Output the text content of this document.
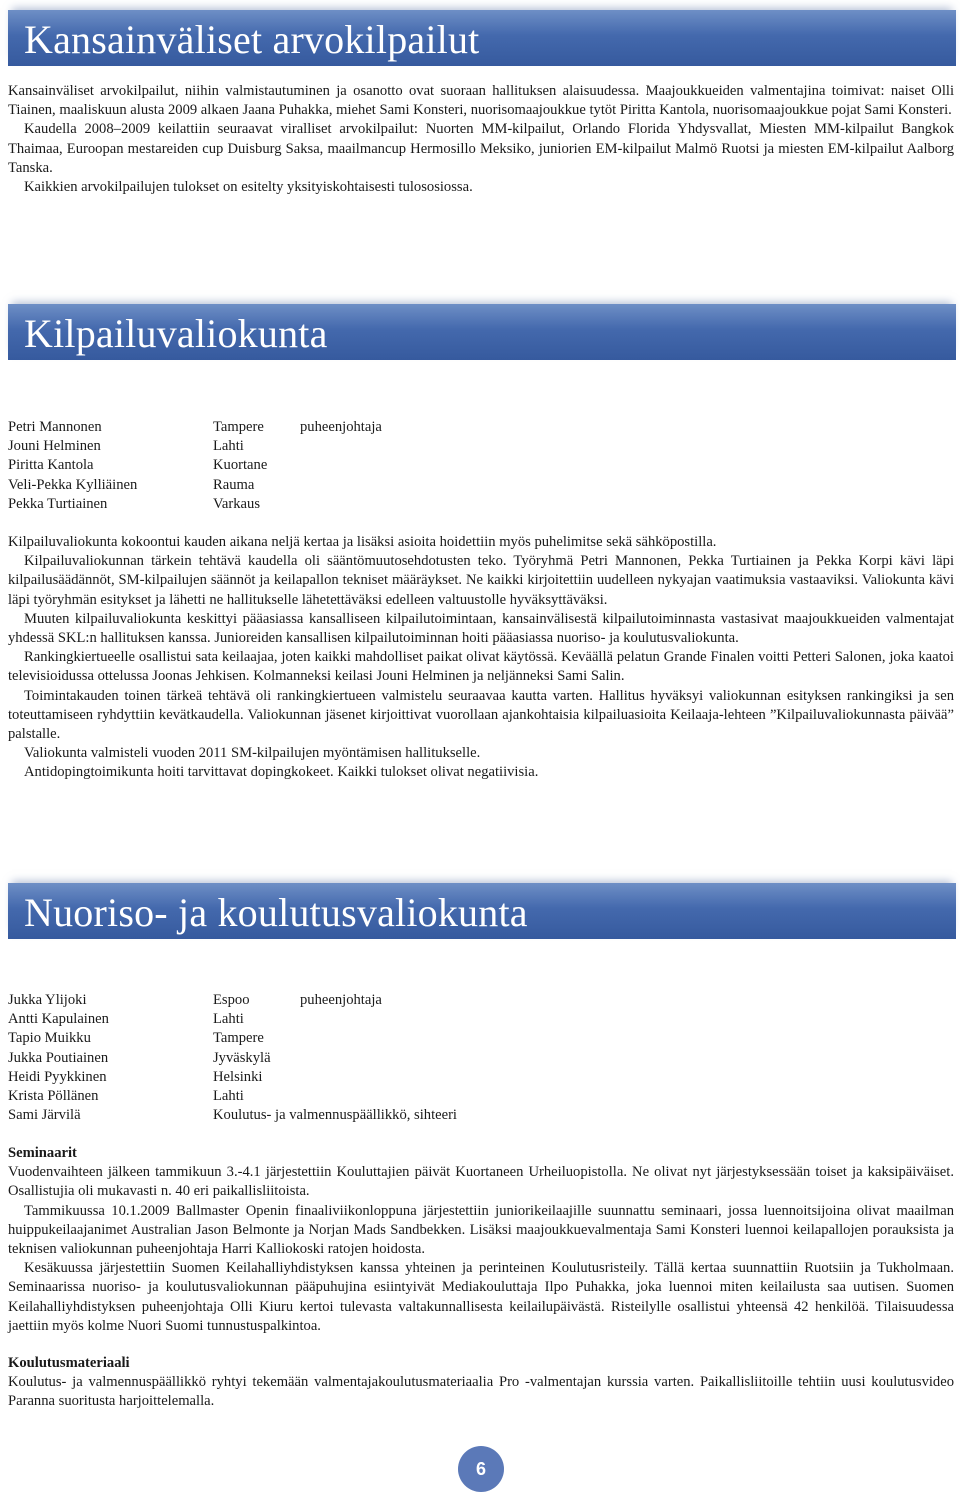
Kansainväliset arvokilpailut

Kansainväliset arvokilpailut, niihin valmistautuminen ja osanotto ovat suoraan hallituksen alaisuudessa. Maajoukkueiden valmentajina toimivat: naiset Olli Tiainen, maaliskuun alusta 2009 alkaen Jaana Puhakka, miehet Sami Konsteri, nuorisomaajoukkue tytöt Piritta Kantola, nuorisomaajoukkue pojat Sami Konsteri.

Kaudella 2008–2009 keilattiin seuraavat viralliset arvokilpailut: Nuorten MM-kilpailut, Orlando Florida Yhdysvallat, Miesten MM-kilpailut Bangkok Thaimaa, Euroopan mestareiden cup Duisburg Saksa, maailmancup Hermosillo Meksiko, juniorien EM-kilpailut Malmö Ruotsi ja miesten EM-kilpailut Aalborg Tanska.

Kaikkien arvokilpailujen tulokset on esitelty yksityiskohtaisesti tulososiossa.

Kilpailuvaliokunta
Petri Mannonen	Tampere	puheenjohtaja
Jouni Helminen	Lahti
Piritta Kantola	Kuortane
Veli-Pekka Kylliäinen	Rauma
Pekka Turtiainen	Varkaus

Kilpailuvaliokunta kokoontui kauden aikana neljä kertaa ja lisäksi asioita hoidettiin myös puhelimitse sekä sähköpostilla.

Kilpailuvaliokunnan tärkein tehtävä kaudella oli sääntömuutosehdotusten teko. Työryhmä Petri Mannonen, Pekka Turtiainen ja Pekka Korpi kävi läpi kilpailusäädännöt, SM-kilpailujen säännöt ja keilapallon tekniset määräykset. Ne kaikki kirjoitettiin uudelleen nykyajan vaatimuksia vastaaviksi. Valiokunta kävi läpi työryhmän esitykset ja lähetti ne hallitukselle lähetettäväksi edelleen valtuustolle hyväksyttäväksi.

Muuten kilpailuvaliokunta keskittyi pääasiassa kansalliseen kilpailutoimintaan, kansainvälisestä kilpailutoiminnasta vastasivat maajoukkueiden valmentajat yhdessä SKL:n hallituksen kanssa. Junioreiden kansallisen kilpailutoiminnan hoiti pääasiassa nuoriso- ja koulutusvaliokunta.

Rankingkiertueelle osallistui sata keilaajaa, joten kaikki mahdolliset paikat olivat käytössä. Keväällä pelatun Grande Finalen voitti Petteri Salonen, joka kaatoi televisioidussa ottelussa Joonas Jehkisen. Kolmanneksi keilasi Jouni Helminen ja neljänneksi Sami Salin.

Toimintakauden toinen tärkeä tehtävä oli rankingkiertueen valmistelu seuraavaa kautta varten. Hallitus hyväksyi valiokunnan esityksen rankingiksi ja sen toteuttamiseen ryhdyttiin kevätkaudella. Valiokunnan jäsenet kirjoittivat vuorollaan ajankohtaisia kilpailuasioita Keilaaja-lehteen ”Kilpailuvaliokunnasta päivää” palstalle.

Valiokunta valmisteli vuoden 2011 SM-kilpailujen myöntämisen hallitukselle.

Antidopingtoimikunta hoiti tarvittavat dopingkokeet. Kaikki tulokset olivat negatiivisia.

Nuoriso- ja koulutusvaliokunta
Jukka Ylijoki	Espoo	puheenjohtaja
Antti Kapulainen	Lahti
Tapio Muikku	Tampere
Jukka Poutiainen	Jyväskylä
Heidi Pyykkinen	Helsinki
Krista Pöllänen	Lahti
Sami Järvilä	Koulutus- ja valmennuspäällikkö, sihteeri

Seminaarit

Vuodenvaihteen jälkeen tammikuun 3.-4.1 järjestettiin Kouluttajien päivät Kuortaneen Urheiluopistolla. Ne olivat nyt järjestyksessään toiset ja kaksipäiväiset. Osallistujia oli mukavasti n. 40 eri paikallisliitoista.

Tammikuussa 10.1.2009 Ballmaster Openin finaaliviikonloppuna järjestettiin juniorikeilaajille suunnattu seminaari, jossa luennoitsijoina olivat maailman huippukeilaajanimet Australian Jason Belmonte ja Norjan Mads Sandbekken. Lisäksi maajoukkuevalmentaja Sami Konsteri luennoi keilapallojen porauksista ja teknisen valiokunnan puheenjohtaja Harri Kalliokoski ratojen hoidosta.

Kesäkuussa järjestettiin Suomen Keilahalliyhdistyksen kanssa yhteinen ja perinteinen Koulutusristeily. Tällä kertaa suunnattiin Ruotsiin ja Tukholmaan. Seminaarissa nuoriso- ja koulutusvaliokunnan pääpuhujina esiintyivät Mediakouluttaja Ilpo Puhakka, joka luennoi miten keilailusta saa uutisen. Suomen Keilahalliyhdistyksen puheenjohtaja Olli Kiuru kertoi tulevasta valtakunnallisesta keilailupäivästä. Risteilylle osallistui yhteensä 42 henkilöä. Tilaisuudessa jaettiin myös kolme Nuori Suomi tunnustuspalkintoa.

Koulutusmateriaali

Koulutus- ja valmennuspäällikkö ryhtyi tekemään valmentajakoulutusmateriaalia Pro -valmentajan kurssia varten. Paikallisliitoille tehtiin uusi koulutusvideo Paranna suoritusta harjoittelemalla.

6
